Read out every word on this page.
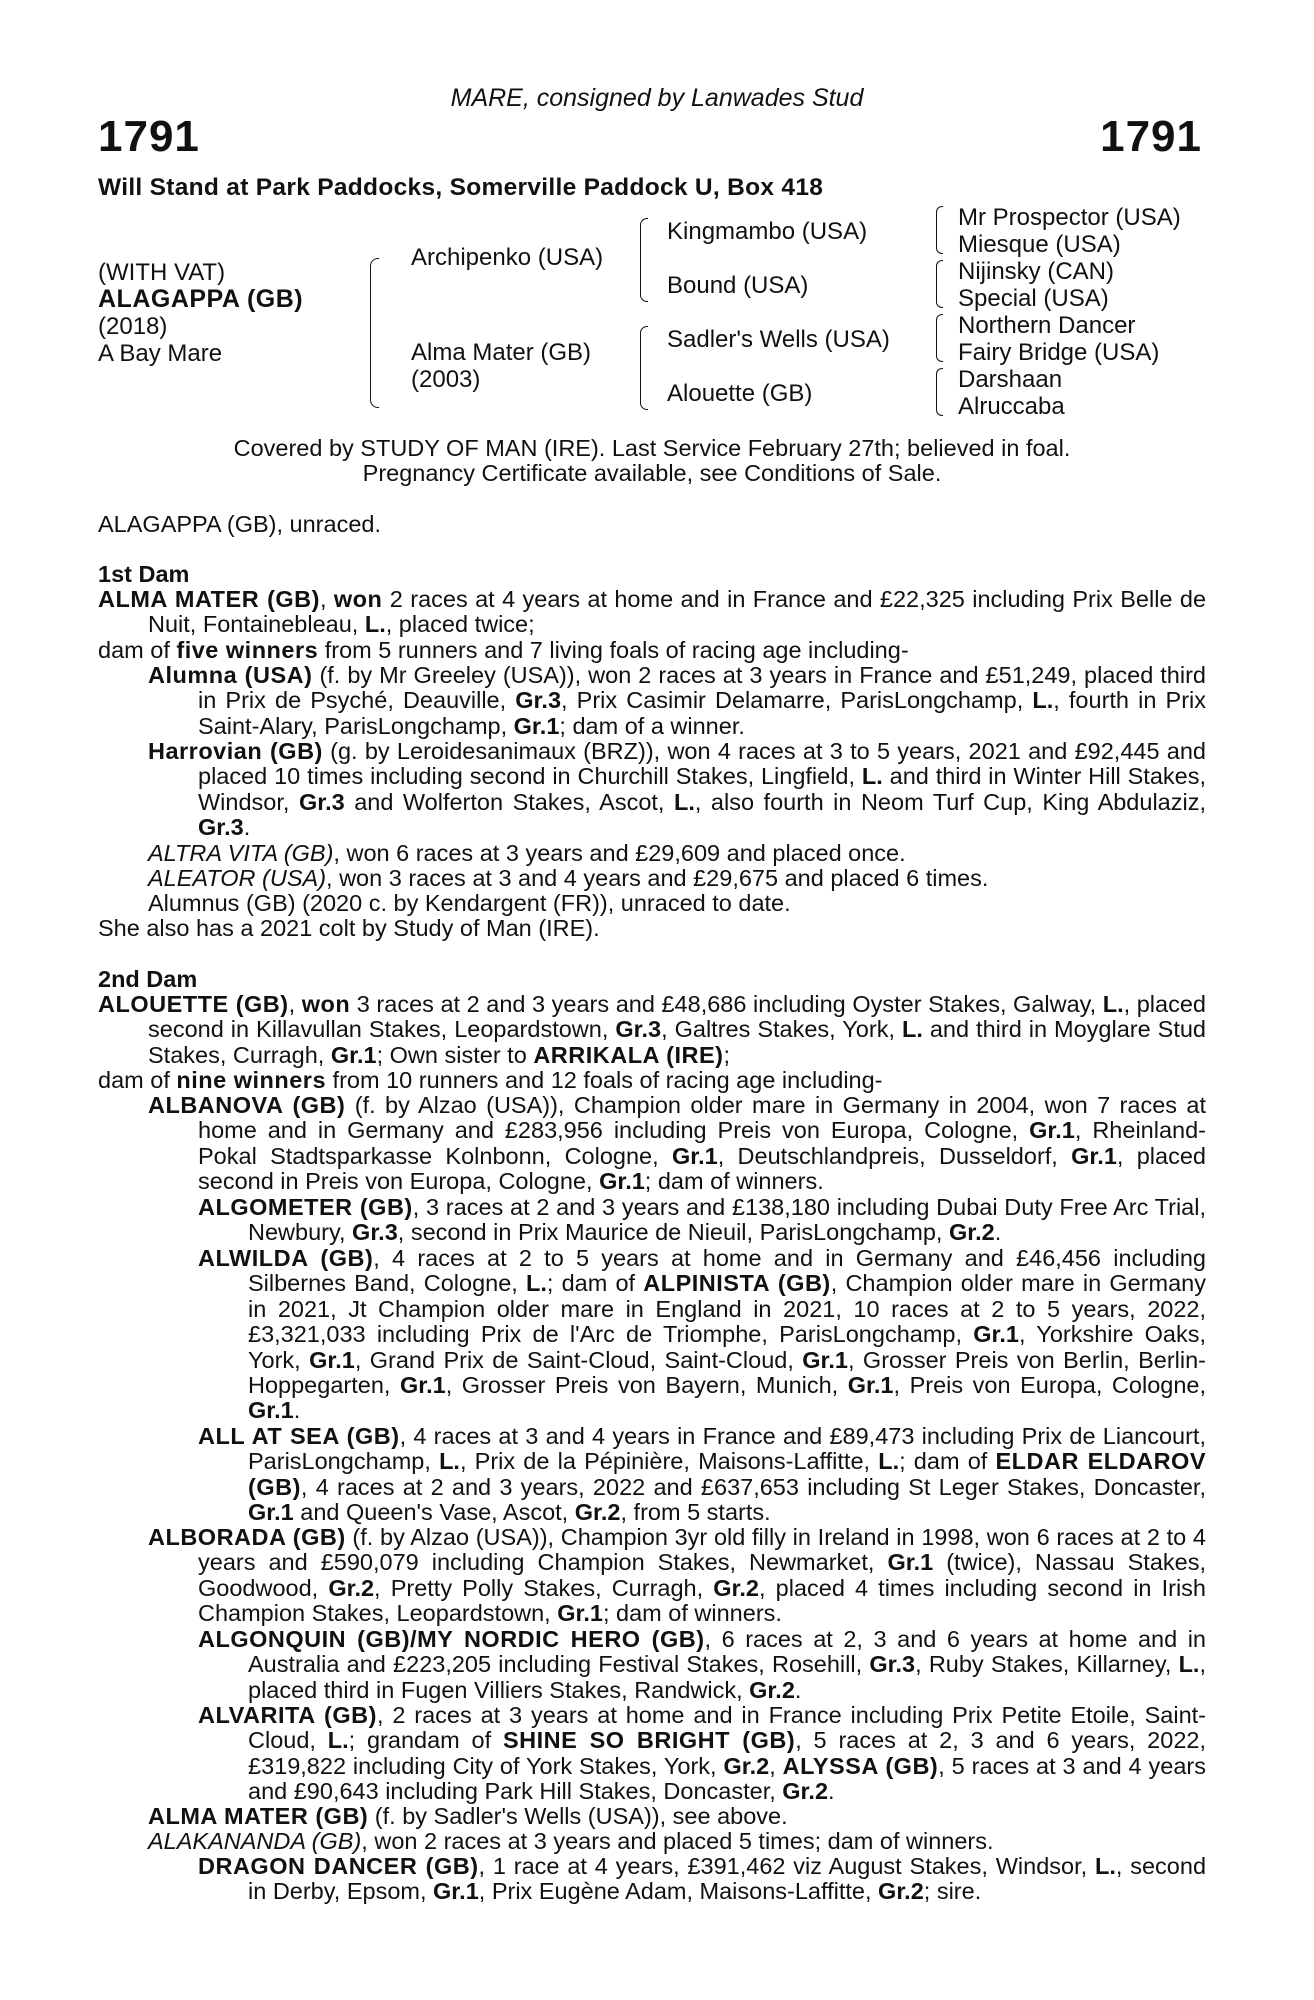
MARE, consigned by Lanwades Stud
1791	1791
Will Stand at Park Paddocks, Somerville Paddock U, Box 418
(WITH VAT)
ALAGAPPA (GB)
(2018)
A Bay Mare
Archipenko (USA)
Alma Mater (GB)
(2003)
Kingmambo (USA)
Bound (USA)
Sadler's Wells (USA)
Alouette (GB)
Mr Prospector (USA)
Miesque (USA)
Nijinsky (CAN)
Special (USA)
Northern Dancer
Fairy Bridge (USA)
Darshaan
Alruccaba
Covered by STUDY OF MAN (IRE). Last Service February 27th; believed in foal.
Pregnancy Certificate available, see Conditions of Sale.
ALAGAPPA (GB), unraced.
1st Dam
ALMA MATER (GB), won 2 races at 4 years at home and in France and £22,325 including Prix Belle de Nuit, Fontainebleau, L., placed twice;
dam of five winners from 5 runners and 7 living foals of racing age including-
Alumna (USA) (f. by Mr Greeley (USA)), won 2 races at 3 years in France and £51,249, placed third in Prix de Psyché, Deauville, Gr.3, Prix Casimir Delamarre, ParisLongchamp, L., fourth in Prix Saint-Alary, ParisLongchamp, Gr.1; dam of a winner.
Harrovian (GB) (g. by Leroidesanimaux (BRZ)), won 4 races at 3 to 5 years, 2021 and £92,445 and placed 10 times including second in Churchill Stakes, Lingfield, L. and third in Winter Hill Stakes, Windsor, Gr.3 and Wolferton Stakes, Ascot, L., also fourth in Neom Turf Cup, King Abdulaziz, Gr.3.
ALTRA VITA (GB), won 6 races at 3 years and £29,609 and placed once.
ALEATOR (USA), won 3 races at 3 and 4 years and £29,675 and placed 6 times.
Alumnus (GB) (2020 c. by Kendargent (FR)), unraced to date.
She also has a 2021 colt by Study of Man (IRE).
2nd Dam
ALOUETTE (GB), won 3 races at 2 and 3 years and £48,686 including Oyster Stakes, Galway, L., placed second in Killavullan Stakes, Leopardstown, Gr.3, Galtres Stakes, York, L. and third in Moyglare Stud Stakes, Curragh, Gr.1; Own sister to ARRIKALA (IRE);
dam of nine winners from 10 runners and 12 foals of racing age including-
ALBANOVA (GB) (f. by Alzao (USA)), Champion older mare in Germany in 2004, won 7 races at home and in Germany and £283,956 including Preis von Europa, Cologne, Gr.1, Rheinland-Pokal Stadtsparkasse Kolnbonn, Cologne, Gr.1, Deutschlandpreis, Dusseldorf, Gr.1, placed second in Preis von Europa, Cologne, Gr.1; dam of winners.
ALGOMETER (GB), 3 races at 2 and 3 years and £138,180 including Dubai Duty Free Arc Trial, Newbury, Gr.3, second in Prix Maurice de Nieuil, ParisLongchamp, Gr.2.
ALWILDA (GB), 4 races at 2 to 5 years at home and in Germany and £46,456 including Silbernes Band, Cologne, L.; dam of ALPINISTA (GB), Champion older mare in Germany in 2021, Jt Champion older mare in England in 2021, 10 races at 2 to 5 years, 2022, £3,321,033 including Prix de l'Arc de Triomphe, ParisLongchamp, Gr.1, Yorkshire Oaks, York, Gr.1, Grand Prix de Saint-Cloud, Saint-Cloud, Gr.1, Grosser Preis von Berlin, Berlin-Hoppegarten, Gr.1, Grosser Preis von Bayern, Munich, Gr.1, Preis von Europa, Cologne, Gr.1.
ALL AT SEA (GB), 4 races at 3 and 4 years in France and £89,473 including Prix de Liancourt, ParisLongchamp, L., Prix de la Pépinière, Maisons-Laffitte, L.; dam of ELDAR ELDAROV (GB), 4 races at 2 and 3 years, 2022 and £637,653 including St Leger Stakes, Doncaster, Gr.1 and Queen's Vase, Ascot, Gr.2, from 5 starts.
ALBORADA (GB) (f. by Alzao (USA)), Champion 3yr old filly in Ireland in 1998, won 6 races at 2 to 4 years and £590,079 including Champion Stakes, Newmarket, Gr.1 (twice), Nassau Stakes, Goodwood, Gr.2, Pretty Polly Stakes, Curragh, Gr.2, placed 4 times including second in Irish Champion Stakes, Leopardstown, Gr.1; dam of winners.
ALGONQUIN (GB)/MY NORDIC HERO (GB), 6 races at 2, 3 and 6 years at home and in Australia and £223,205 including Festival Stakes, Rosehill, Gr.3, Ruby Stakes, Killarney, L., placed third in Fugen Villiers Stakes, Randwick, Gr.2.
ALVARITA (GB), 2 races at 3 years at home and in France including Prix Petite Etoile, Saint-Cloud, L.; grandam of SHINE SO BRIGHT (GB), 5 races at 2, 3 and 6 years, 2022, £319,822 including City of York Stakes, York, Gr.2, ALYSSA (GB), 5 races at 3 and 4 years and £90,643 including Park Hill Stakes, Doncaster, Gr.2.
ALMA MATER (GB) (f. by Sadler's Wells (USA)), see above.
ALAKANANDA (GB), won 2 races at 3 years and placed 5 times; dam of winners.
DRAGON DANCER (GB), 1 race at 4 years, £391,462 viz August Stakes, Windsor, L., second in Derby, Epsom, Gr.1, Prix Eugène Adam, Maisons-Laffitte, Gr.2; sire.
